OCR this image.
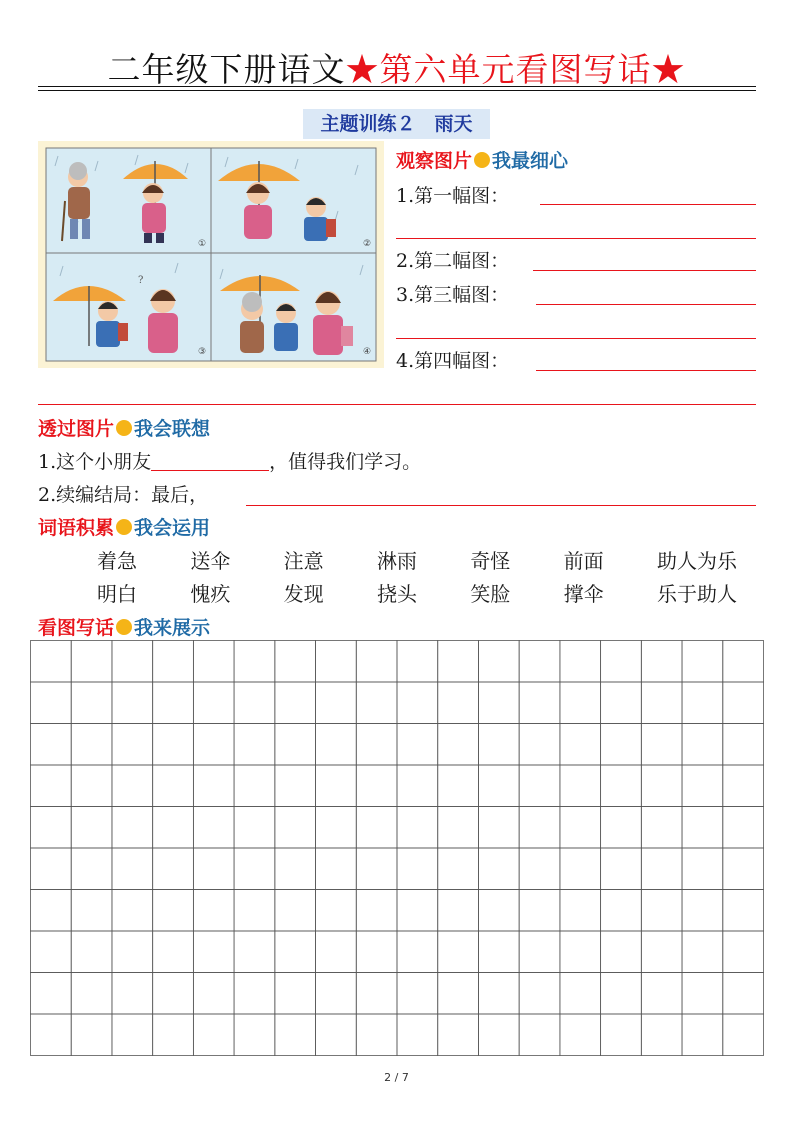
二年级下册语文★第六单元看图写话★
主题训练２　雨天
?
①	②
③	④
观察图片 我最细心
1.第一幅图：
2.第二幅图：
3.第三幅图：
4.第四幅图：
透过图片 我会联想
1.这个小朋友	，值得我们学习。
2.续编结局：最后，
词语积累 我会运用
着急	送伞	注意	淋雨	奇怪	前面	助人为乐
明白	愧疚	发现	挠头	笑脸	撑伞	乐于助人
看图写话 我来展示
2 / 7
